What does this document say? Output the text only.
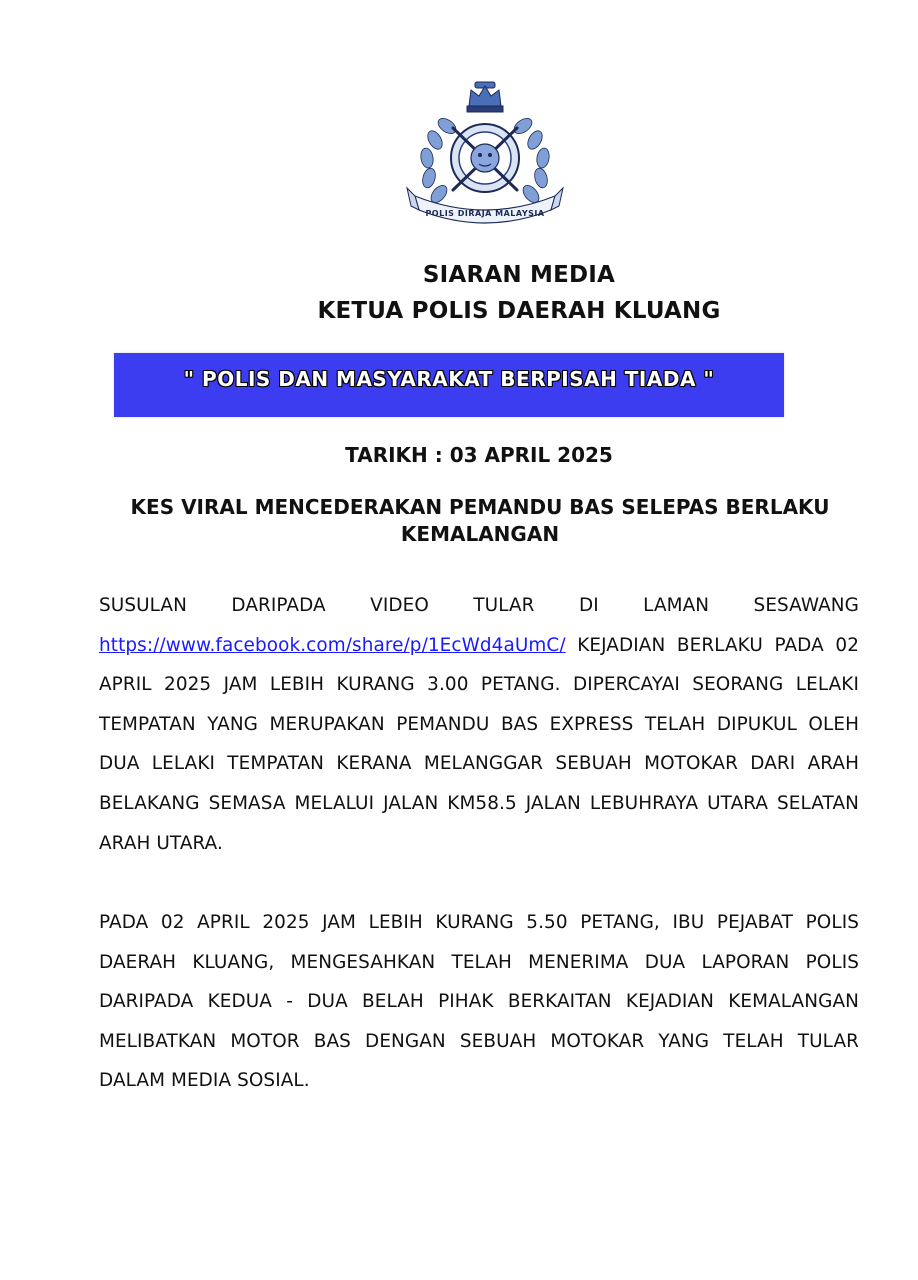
POLIS DIRAJA MALAYSIA
SIARAN MEDIA
KETUA POLIS DAERAH KLUANG
" POLIS DAN MASYARAKAT BERPISAH TIADA "
TARIKH : 03 APRIL 2025
KES VIRAL MENCEDERAKAN PEMANDU BAS SELEPAS BERLAKU KEMALANGAN
SUSULAN DARIPADA VIDEO TULAR DI LAMAN SESAWANG
https://www.facebook.com/share/p/1EcWd4aUmC/ KEJADIAN BERLAKU PADA 02 APRIL 2025 JAM LEBIH KURANG 3.00 PETANG. DIPERCAYAI SEORANG LELAKI TEMPATAN YANG MERUPAKAN PEMANDU BAS EXPRESS TELAH DIPUKUL OLEH DUA LELAKI TEMPATAN KERANA MELANGGAR SEBUAH MOTOKAR DARI ARAH BELAKANG SEMASA MELALUI JALAN KM58.5 JALAN LEBUHRAYA UTARA SELATAN ARAH UTARA.
PADA 02 APRIL 2025 JAM LEBIH KURANG 5.50 PETANG, IBU PEJABAT POLIS DAERAH KLUANG, MENGESAHKAN TELAH MENERIMA DUA LAPORAN POLIS DARIPADA KEDUA - DUA BELAH PIHAK BERKAITAN KEJADIAN KEMALANGAN MELIBATKAN MOTOR BAS DENGAN SEBUAH MOTOKAR YANG TELAH TULAR DALAM MEDIA SOSIAL.
